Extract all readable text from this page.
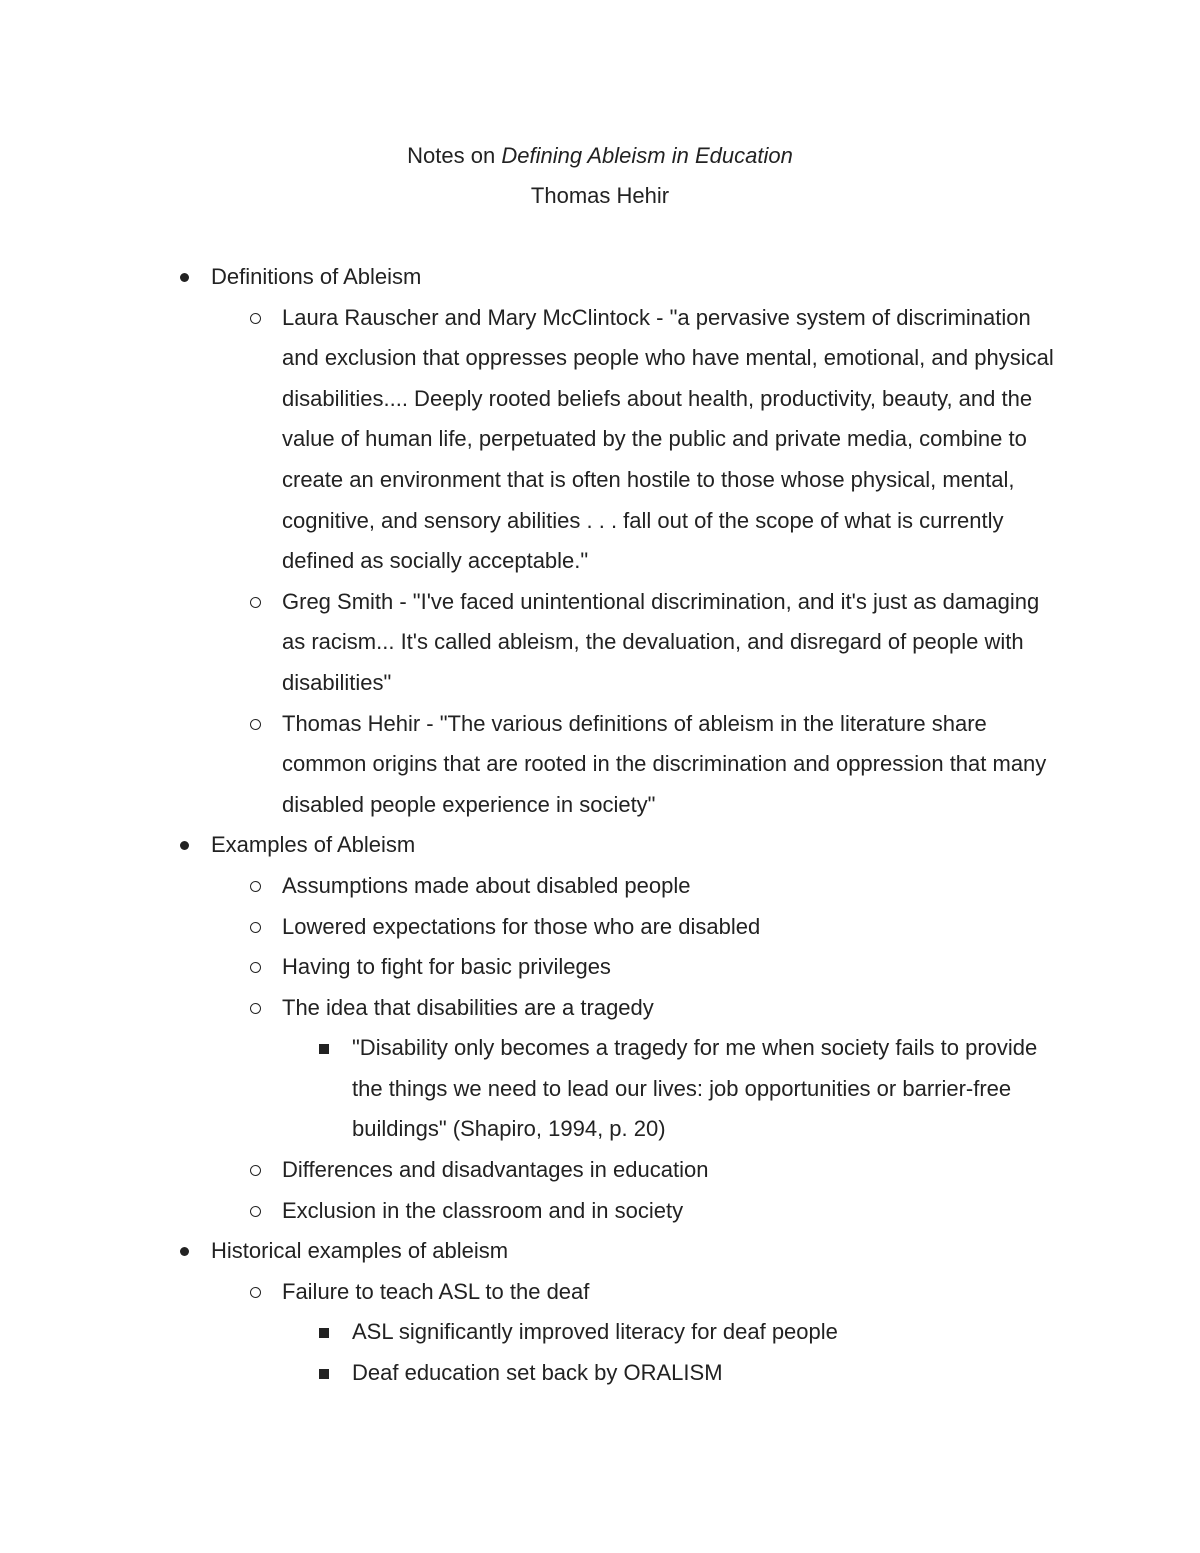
Notes on Defining Ableism in Education
Thomas Hehir
Definitions of Ableism
Laura Rauscher and Mary McClintock - "a pervasive system of discrimination and exclusion that oppresses people who have mental, emotional, and physical disabilities.... Deeply rooted beliefs about health, productivity, beauty, and the value of human life, perpetuated by the public and private media, combine to create an environment that is often hostile to those whose physical, mental, cognitive, and sensory abilities . . . fall out of the scope of what is currently defined as socially acceptable."
Greg Smith - "I've faced unintentional discrimination, and it's just as damaging as racism... It's called ableism, the devaluation, and disregard of people with disabilities"
Thomas Hehir - "The various definitions of ableism in the literature share common origins that are rooted in the discrimination and oppression that many disabled people experience in society"
Examples of Ableism
Assumptions made about disabled people
Lowered expectations for those who are disabled
Having to fight for basic privileges
The idea that disabilities are a tragedy
"Disability only becomes a tragedy for me when society fails to provide the things we need to lead our lives: job opportunities or barrier-free buildings" (Shapiro, 1994, p. 20)
Differences and disadvantages in education
Exclusion in the classroom and in society
Historical examples of ableism
Failure to teach ASL to the deaf
ASL significantly improved literacy for deaf people
Deaf education set back by ORALISM
